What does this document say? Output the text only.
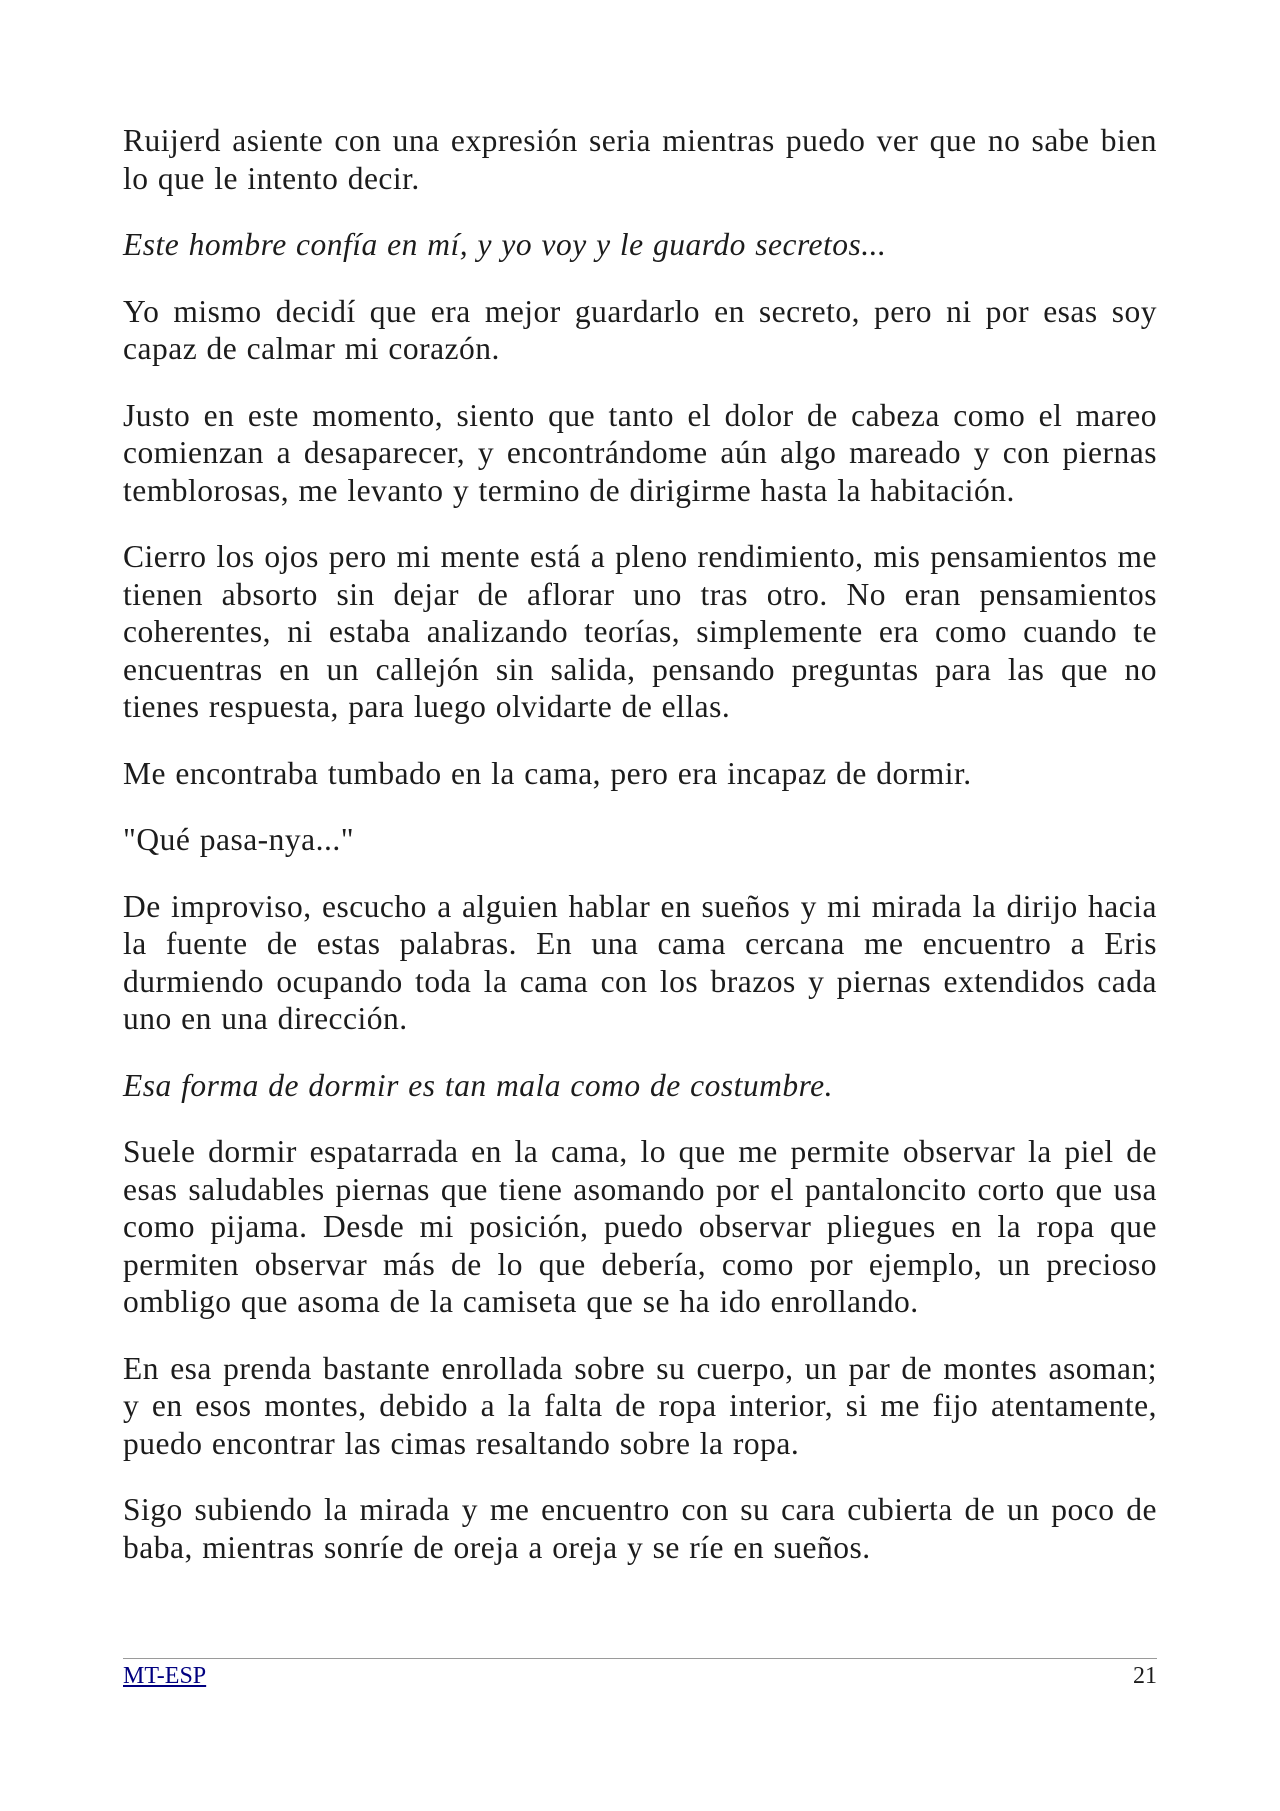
Ruijerd asiente con una expresión seria mientras puedo ver que no sabe bien lo que le intento decir.

Este hombre confía en mí, y yo voy y le guardo secretos...

Yo mismo decidí que era mejor guardarlo en secreto, pero ni por esas soy capaz de calmar mi corazón.

Justo en este momento, siento que tanto el dolor de cabeza como el mareo comienzan a desaparecer, y encontrándome aún algo mareado y con piernas temblorosas, me levanto y termino de dirigirme hasta la habitación.

Cierro los ojos pero mi mente está a pleno rendimiento, mis pensamientos me tienen absorto sin dejar de aflorar uno tras otro. No eran pensamientos coherentes, ni estaba analizando teorías, simplemente era como cuando te encuentras en un callejón sin salida, pensando preguntas para las que no tienes respuesta, para luego olvidarte de ellas.

Me encontraba tumbado en la cama, pero era incapaz de dormir.

"Qué pasa-nya..."

De improviso, escucho a alguien hablar en sueños y mi mirada la dirijo hacia la fuente de estas palabras. En una cama cercana me encuentro a Eris durmiendo ocupando toda la cama con los brazos y piernas extendidos cada uno en una dirección.

Esa forma de dormir es tan mala como de costumbre.

Suele dormir espatarrada en la cama, lo que me permite observar la piel de esas saludables piernas que tiene asomando por el pantaloncito corto que usa como pijama. Desde mi posición, puedo observar pliegues en la ropa que permiten observar más de lo que debería, como por ejemplo, un precioso ombligo que asoma de la camiseta que se ha ido enrollando.

En esa prenda bastante enrollada sobre su cuerpo, un par de montes asoman; y en esos montes, debido a la falta de ropa interior, si me fijo atentamente, puedo encontrar las cimas resaltando sobre la ropa.

Sigo subiendo la mirada y me encuentro con su cara cubierta de un poco de baba, mientras sonríe de oreja a oreja y se ríe en sueños.

MT-ESP	21
